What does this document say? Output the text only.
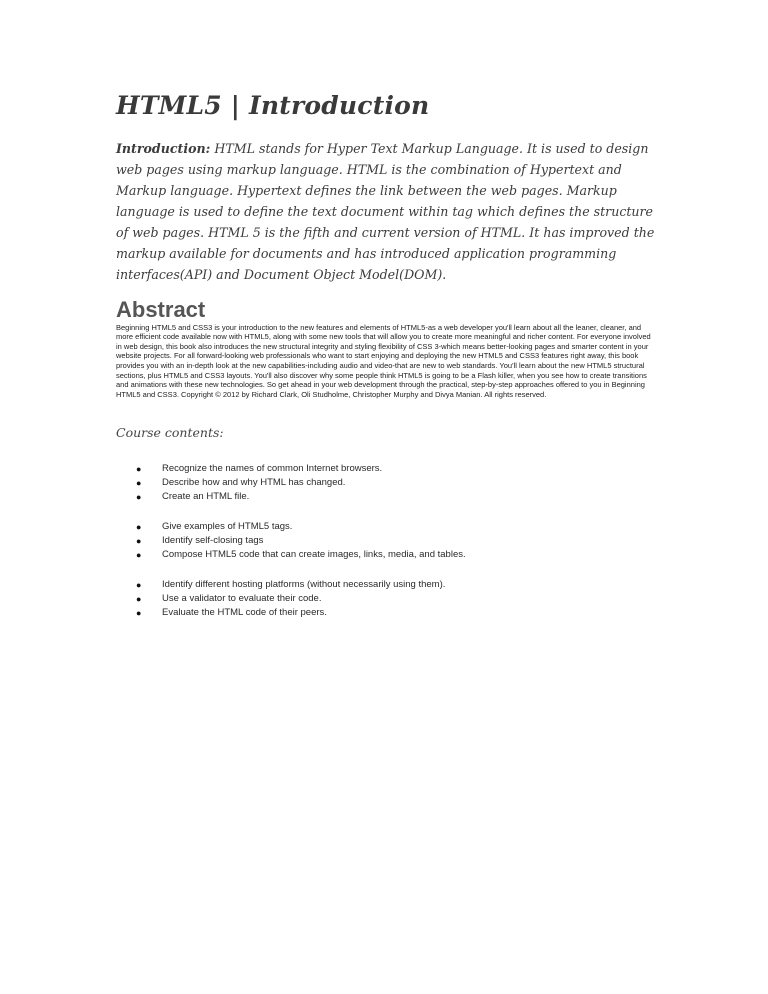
HTML5 | Introduction

Introduction: HTML stands for Hyper Text Markup Language. It is used to design web pages using markup language. HTML is the combination of Hypertext and Markup language. Hypertext defines the link between the web pages. Markup language is used to define the text document within tag which defines the structure of web pages. HTML 5 is the fifth and current version of HTML. It has improved the markup available for documents and has introduced application programming interfaces(API) and Document Object Model(DOM).

Abstract
Beginning HTML5 and CSS3 is your introduction to the new features and elements of HTML5-as a web developer you'll learn about all the leaner, cleaner, and more efficient code available now with HTML5, along with some new tools that will allow you to create more meaningful and richer content. For everyone involved in web design, this book also introduces the new structural integrity and styling flexibility of CSS 3-which means better-looking pages and smarter content in your website projects. For all forward-looking web professionals who want to start enjoying and deploying the new HTML5 and CSS3 features right away, this book provides you with an in-depth look at the new capabilities-including audio and video-that are new to web standards. You'll learn about the new HTML5 structural sections, plus HTML5 and CSS3 layouts. You'll also discover why some people think HTML5 is going to be a Flash killer, when you see how to create transitions and animations with these new technologies. So get ahead in your web development through the practical, step-by-step approaches offered to you in Beginning HTML5 and CSS3. Copyright © 2012 by Richard Clark, Oli Studholme, Christopher Murphy and Divya Manian. All rights reserved.
Course contents:
●	Recognize the names of common Internet browsers.
●	Describe how and why HTML has changed.
●	Create an HTML file.
●	Give examples of HTML5 tags.
●	Identify self-closing tags
●	Compose HTML5 code that can create images, links, media, and tables.
●	Identify different hosting platforms (without necessarily using them).
●	Use a validator to evaluate their code.
●	Evaluate the HTML code of their peers.
